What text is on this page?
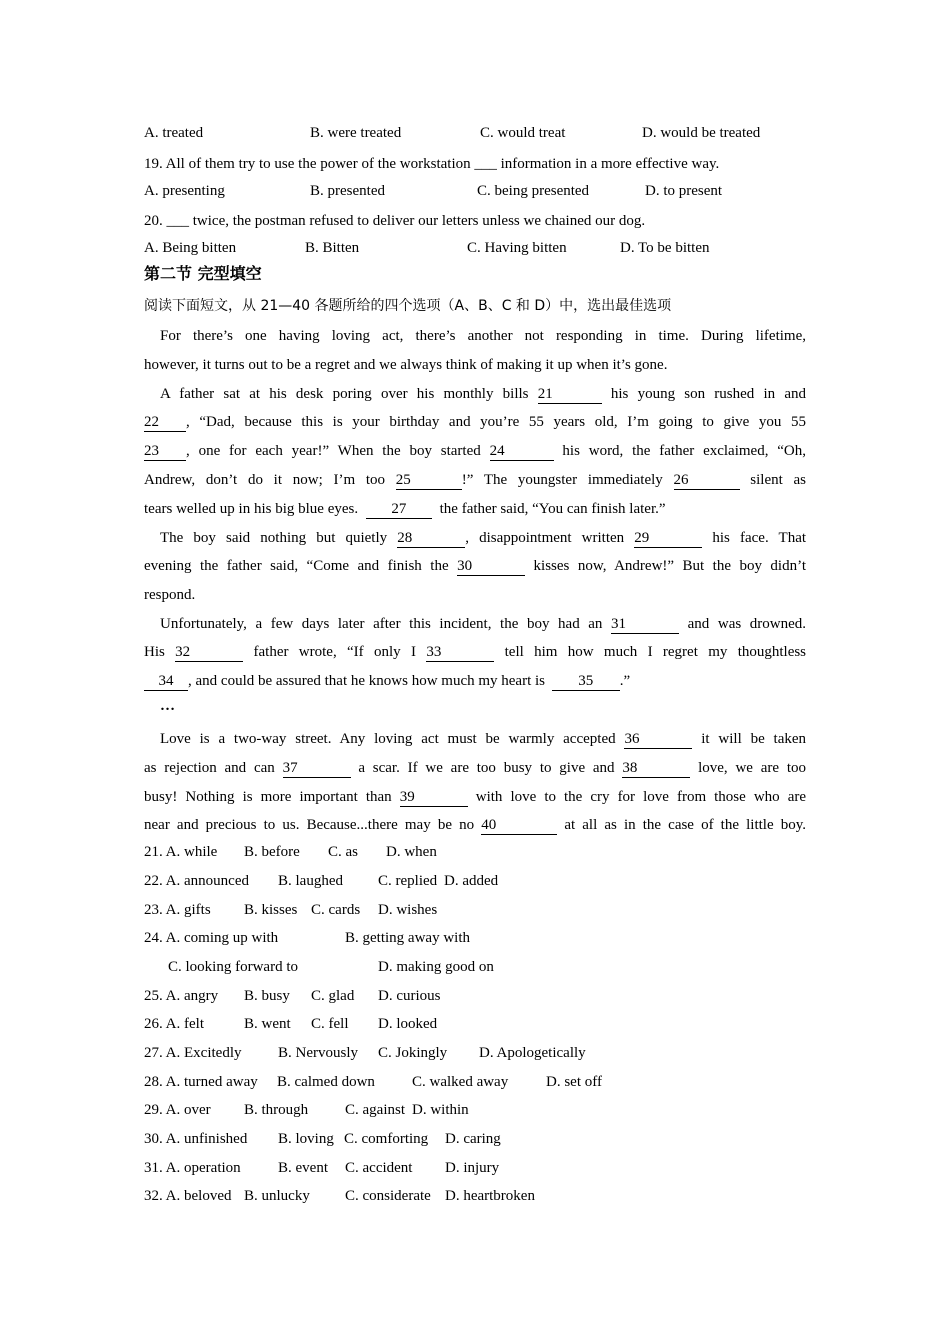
A. treated	B. were treated	C. would treat	D. would be treated
19. All of them try to use the power of the workstation ___ information in a more effective way.
A. presenting	B. presented	C. being presented	D. to present
20. ___ twice, the postman refused to deliver our letters unless we chained our dog.
A. Being bitten	B. Bitten	C. Having bitten	D. To be bitten
第二节 完型填空
阅读下面短文，从 21—40 各题所给的四个选项（A、B、C 和 D）中，选出最佳选项
For there’s one having loving act, there’s another not responding in time. During lifetime,
however, it turns out to be a regret and we always think of making it up when it’s gone.
A father sat at his desk poring over his monthly bills 21	his young son rushed in and
22 , “Dad, because this is your birthday and you’re 55 years old, I’m going to give you 55
23 , one for each year!” When the boy started 24	his word, the father exclaimed, “Oh,
Andrew, don’t do it now; I’m too 25	!” The youngster immediately 26	silent as
tears welled up in his big blue eyes. 27 the father said, “You can finish later.”
The boy said nothing but quietly 28	, disappointment written 29	his face. That
evening the father said, “Come and finish the 30	kisses now, Andrew!” But the boy didn’t
respond.
Unfortunately, a few days later after this incident, the boy had an 31	and was drowned.
His 32	father wrote, “If only I 33	tell him how much I regret my thoughtless
34 , and could be assured that he knows how much my heart is 35 .”
…
Love is a two-way street. Any loving act must be warmly accepted 36	it will be taken
as rejection and can 37	a scar. If we are too busy to give and 38	love, we are too
busy! Nothing is more important than 39	with love to the cry for love from those who are
near and precious to us. Because...there may be no 40	at all as in the case of the little boy.
21. A. while B. before C. as D. when
22. A. announced B. laughed C. replied D. added
23. A. gifts B. kisses C. cards D. wishes
24. A. coming up with	B. getting away with
C. looking forward to	D. making good on
25. A. angry B. busy C. glad D. curious
26. A. felt	B. went C. fell D. looked
27. A. Excitedly B. Nervously C. Jokingly D. Apologetically
28. A. turned away B. calmed down C. walked away	D. set off
29. A. over B. through C. against D. within
30. A. unfinished B. loving C. comforting D. caring
31. A. operation B. event C. accident D. injury
32. A. beloved B. unlucky C. considerate D. heartbroken
